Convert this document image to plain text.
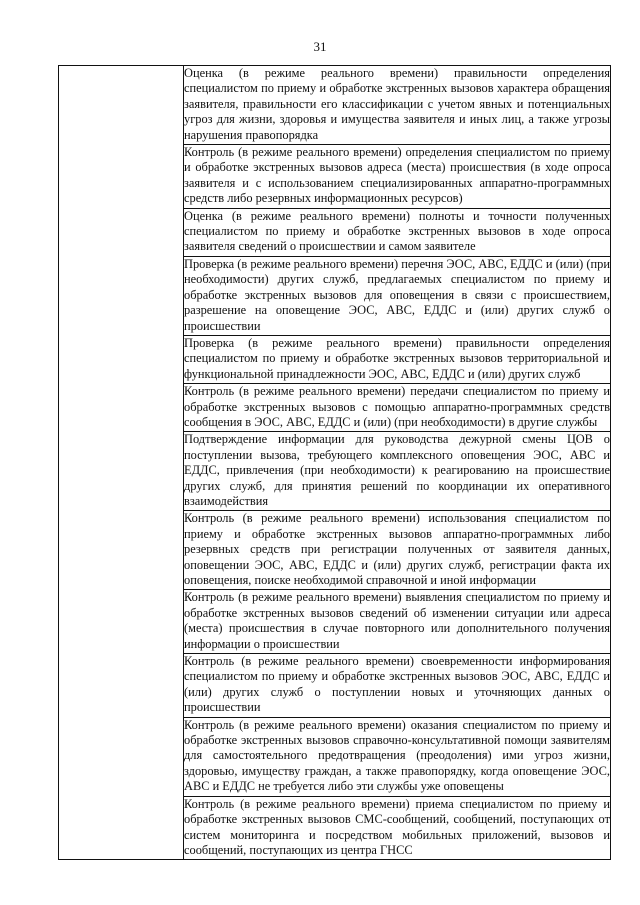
31

Оценка (в режиме реального времени) правильности определения специалистом по приему и обработке экстренных вызовов характера обращения заявителя, правильности его классификации с учетом явных и потенциальных угроз для жизни, здоровья и имущества заявителя и иных лиц, а также угрозы нарушения правопорядка
Контроль (в режиме реального времени) определения специалистом по приему и обработке экстренных вызовов адреса (места) происшествия (в ходе опроса заявителя и с использованием специализированных аппаратно-программных средств либо резервных информационных ресурсов)
Оценка (в режиме реального времени) полноты и точности полученных специалистом по приему и обработке экстренных вызовов в ходе опроса заявителя сведений о происшествии и самом заявителе
Проверка (в режиме реального времени) перечня ЭОС, АВС, ЕДДС и (или) (при необходимости) других служб, предлагаемых специалистом по приему и обработке экстренных вызовов для оповещения в связи с происшествием, разрешение на оповещение ЭОС, АВС, ЕДДС и (или) других служб о происшествии
Проверка (в режиме реального времени) правильности определения специалистом по приему и обработке экстренных вызовов территориальной и функциональной принадлежности ЭОС, АВС, ЕДДС и (или) других служб
Контроль (в режиме реального времени) передачи специалистом по приему и обработке экстренных вызовов с помощью аппаратно-программных средств сообщения в ЭОС, АВС, ЕДДС и (или) (при необходимости) в другие службы
Подтверждение информации для руководства дежурной смены ЦОВ о поступлении вызова, требующего комплексного оповещения ЭОС, АВС и ЕДДС, привлечения (при необходимости) к реагированию на происшествие других служб, для принятия решений по координации их оперативного взаимодействия
Контроль (в режиме реального времени) использования специалистом по приему и обработке экстренных вызовов аппаратно-программных либо резервных средств при регистрации полученных от заявителя данных, оповещении ЭОС, АВС, ЕДДС и (или) других служб, регистрации факта их оповещения, поиске необходимой справочной и иной информации
Контроль (в режиме реального времени) выявления специалистом по приему и обработке экстренных вызовов сведений об изменении ситуации или адреса (места) происшествия в случае повторного или дополнительного получения информации о происшествии
Контроль (в режиме реального времени) своевременности информирования специалистом по приему и обработке экстренных вызовов ЭОС, АВС, ЕДДС и (или) других служб о поступлении новых и уточняющих данных о происшествии
Контроль (в режиме реального времени) оказания специалистом по приему и обработке экстренных вызовов справочно-консультативной помощи заявителям для самостоятельного предотвращения (преодоления) ими угроз жизни, здоровью, имуществу граждан, а также правопорядку, когда оповещение ЭОС, АВС и ЕДДС не требуется либо эти службы уже оповещены
Контроль (в режиме реального времени) приема специалистом по приему и обработке экстренных вызовов СМС-сообщений, сообщений, поступающих от систем мониторинга и посредством мобильных приложений, вызовов и сообщений, поступающих из центра ГНСС
